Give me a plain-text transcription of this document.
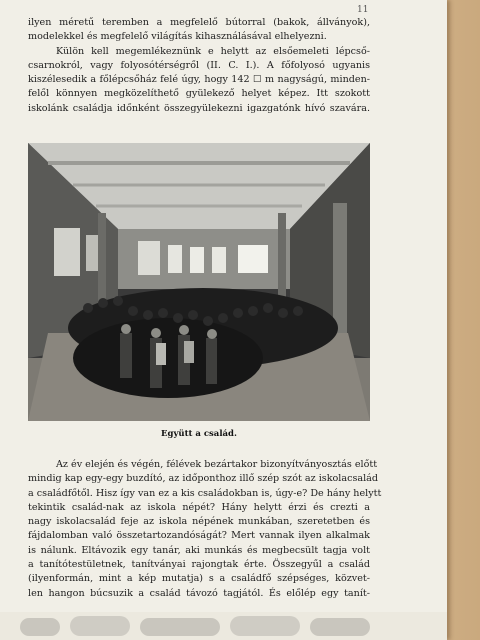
11

ilyen méretű teremben a megfelelő bútorral (bakok, állványok),
modelekkel és megfelelő világítás kihasználásával elhelyezni.
Külön kell megemlékeznünk e helytt az elsőemeleti lépcső-
csarnokról, vagy folyosótérségről (II. C. I.). A főfolyosó ugyanis
kiszélesedik a főlépcsőház felé úgy, hogy 142 ☐ m nagyságú, minden-
felől könnyen megközelíthető gyülekező helyet képez. Itt szokott
iskolánk családja időnként összegyülekezni igazgatónk hívó szavára.

Együtt a család.

Az év elején és végén, félévek bezártakor bizonyítványosztás előtt
mindig kap egy-egy buzdító, az időponthoz illő szép szót az iskolacsalád
a családfőtől. Hisz így van ez a kis családokban is, úgy-e? De hány helytt
tekintik család-nak az iskola népét? Hány helytt érzi és crezti a
nagy iskolacsalád feje az iskola népének munkában, szeretetben és
fájdalomban való összetartozandóságát? Mert vannak ilyen alkalmak
is nálunk. Eltávozik egy tanár, aki munkás és megbecsült tagja volt
a tanítótestületnek, tanítványai rajongtak érte. Összegyűl a család
(ilyenformán, mint a kép mutatja) s a családfő szépséges, közvet-
len hangon búcsuzik a család távozó tagjától. És előlép egy tanít-
